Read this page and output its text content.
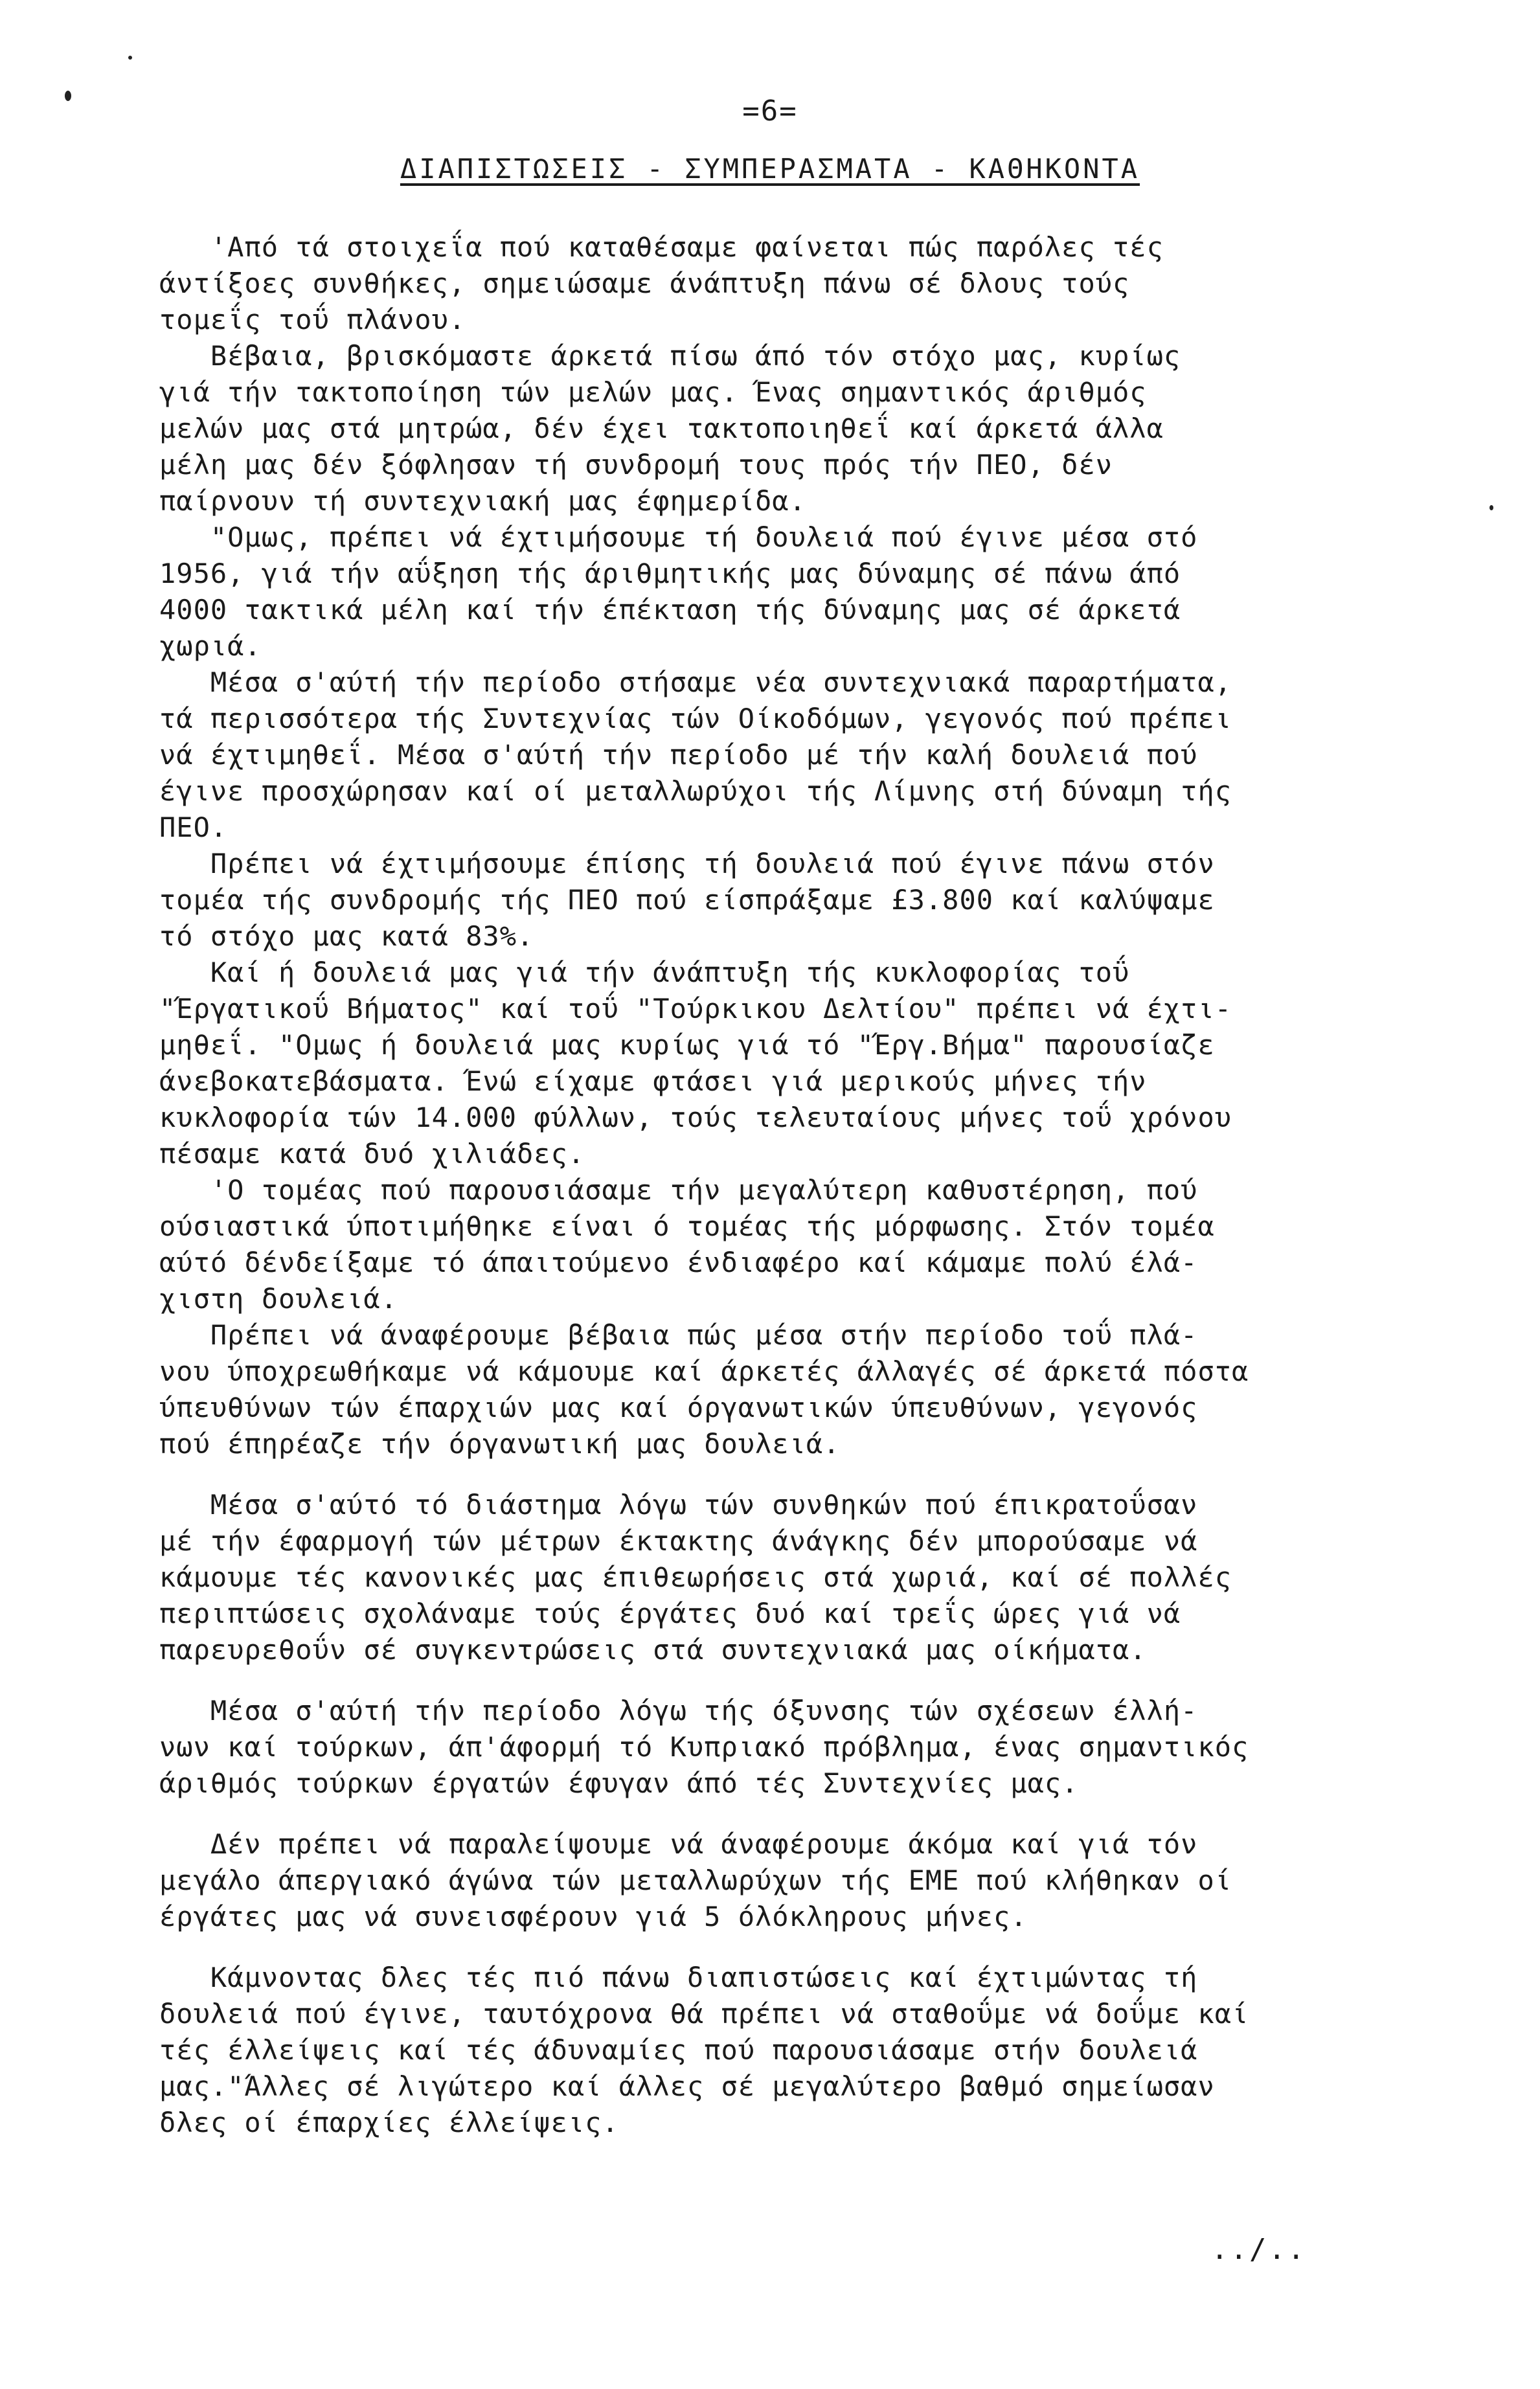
=6=
ΔΙΑΠΙΣΤΩΣΕΙΣ - ΣΥΜΠΕΡΑΣΜΑΤΑ - ΚΑΘΗΚΟΝΤΑ
'Από τά στοιχεΐα πού καταθέσαμε φαίνεται πώς παρόλες τές
άντίξοες συνθήκες, σημειώσαμε άνάπτυξη πάνω σέ δλους τούς
τομεΐς τοΰ πλάνου.
Βέβαια, βρισκόμαστε άρκετά πίσω άπό τόν στόχο μας, κυρίως
γιά τήν τακτοποίηση τών μελών μας. Ένας σημαντικός άριθμός
μελών μας στά μητρώα, δέν έχει τακτοποιηθεΐ καί άρκετά άλλα
μέλη μας δέν ξόφλησαν τή συνδρομή τους πρός τήν ΠΕΟ, δέν
παίρνουν τή συντεχνιακή μας έφημερίδα.
"Ομως, πρέπει νά έχτιμήσουμε τή δουλειά πού έγινε μέσα στό
1956, γιά τήν αΰξηση τής άριθμητικής μας δύναμης σέ πάνω άπό
4000 τακτικά μέλη καί τήν έπέκταση τής δύναμης μας σέ άρκετά
χωριά.
Μέσα σ'αύτή τήν περίοδο στήσαμε νέα συντεχνιακά παραρτήματα,
τά περισσότερα τής Συντεχνίας τών Οίκοδόμων, γεγονός πού πρέπει
νά έχτιμηθεΐ. Μέσα σ'αύτή τήν περίοδο μέ τήν καλή δουλειά πού
έγινε προσχώρησαν καί οί μεταλλωρύχοι τής Λίμνης στή δύναμη τής
ΠΕΟ.
Πρέπει νά έχτιμήσουμε έπίσης τή δουλειά πού έγινε πάνω στόν
τομέα τής συνδρομής τής ΠΕΟ πού είσπράξαμε £3.800 καί καλύψαμε
τό στόχο μας κατά 83%.
Καί ή δουλειά μας γιά τήν άνάπτυξη τής κυκλοφορίας τοΰ
"Έργατικοΰ Βήματος" καί τοΰ "Τούρκικου Δελτίου" πρέπει νά έχτι-
μηθεΐ. "Ομως ή δουλειά μας κυρίως γιά τό "Έργ.Βήμα" παρουσίαζε
άνεβοκατεβάσματα. Ένώ είχαμε φτάσει γιά μερικούς μήνες τήν
κυκλοφορία τών 14.000 φύλλων, τούς τελευταίους μήνες τοΰ χρόνου
πέσαμε κατά δυό χιλιάδες.
'Ο τομέας πού παρουσιάσαμε τήν μεγαλύτερη καθυστέρηση, πού
ούσιαστικά ύποτιμήθηκε είναι ό τομέας τής μόρφωσης. Στόν τομέα
αύτό δένδείξαμε τό άπαιτούμενο ένδιαφέρο καί κάμαμε πολύ έλά-
χιστη δουλειά.
Πρέπει νά άναφέρουμε βέβαια πώς μέσα στήν περίοδο τοΰ πλά-
νου ύποχρεωθήκαμε νά κάμουμε καί άρκετές άλλαγές σέ άρκετά πόστα
ύπευθύνων τών έπαρχιών μας καί όργανωτικών ύπευθύνων, γεγονός
πού έπηρέαζε τήν όργανωτική μας δουλειά.
Μέσα σ'αύτό τό διάστημα λόγω τών συνθηκών πού έπικρατοΰσαν
μέ τήν έφαρμογή τών μέτρων έκτακτης άνάγκης δέν μπορούσαμε νά
κάμουμε τές κανονικές μας έπιθεωρήσεις στά χωριά, καί σέ πολλές
περιπτώσεις σχολάναμε τούς έργάτες δυό καί τρεΐς ώρες γιά νά
παρευρεθοΰν σέ συγκεντρώσεις στά συντεχνιακά μας οίκήματα.
Μέσα σ'αύτή τήν περίοδο λόγω τής όξυνσης τών σχέσεων έλλή-
νων καί τούρκων, άπ'άφορμή τό Κυπριακό πρόβλημα, ένας σημαντικός
άριθμός τούρκων έργατών έφυγαν άπό τές Συντεχνίες μας.
Δέν πρέπει νά παραλείψουμε νά άναφέρουμε άκόμα καί γιά τόν
μεγάλο άπεργιακό άγώνα τών μεταλλωρύχων τής ΕΜΕ πού κλήθηκαν οί
έργάτες μας νά συνεισφέρουν γιά 5 όλόκληρους μήνες.
Κάμνοντας δλες τές πιό πάνω διαπιστώσεις καί έχτιμώντας τή
δουλειά πού έγινε, ταυτόχρονα θά πρέπει νά σταθοΰμε νά δοΰμε καί
τές έλλείψεις καί τές άδυναμίες πού παρουσιάσαμε στήν δουλειά
μας."Άλλες σέ λιγώτερο καί άλλες σέ μεγαλύτερο βαθμό σημείωσαν
δλες οί έπαρχίες έλλείψεις.
../..
